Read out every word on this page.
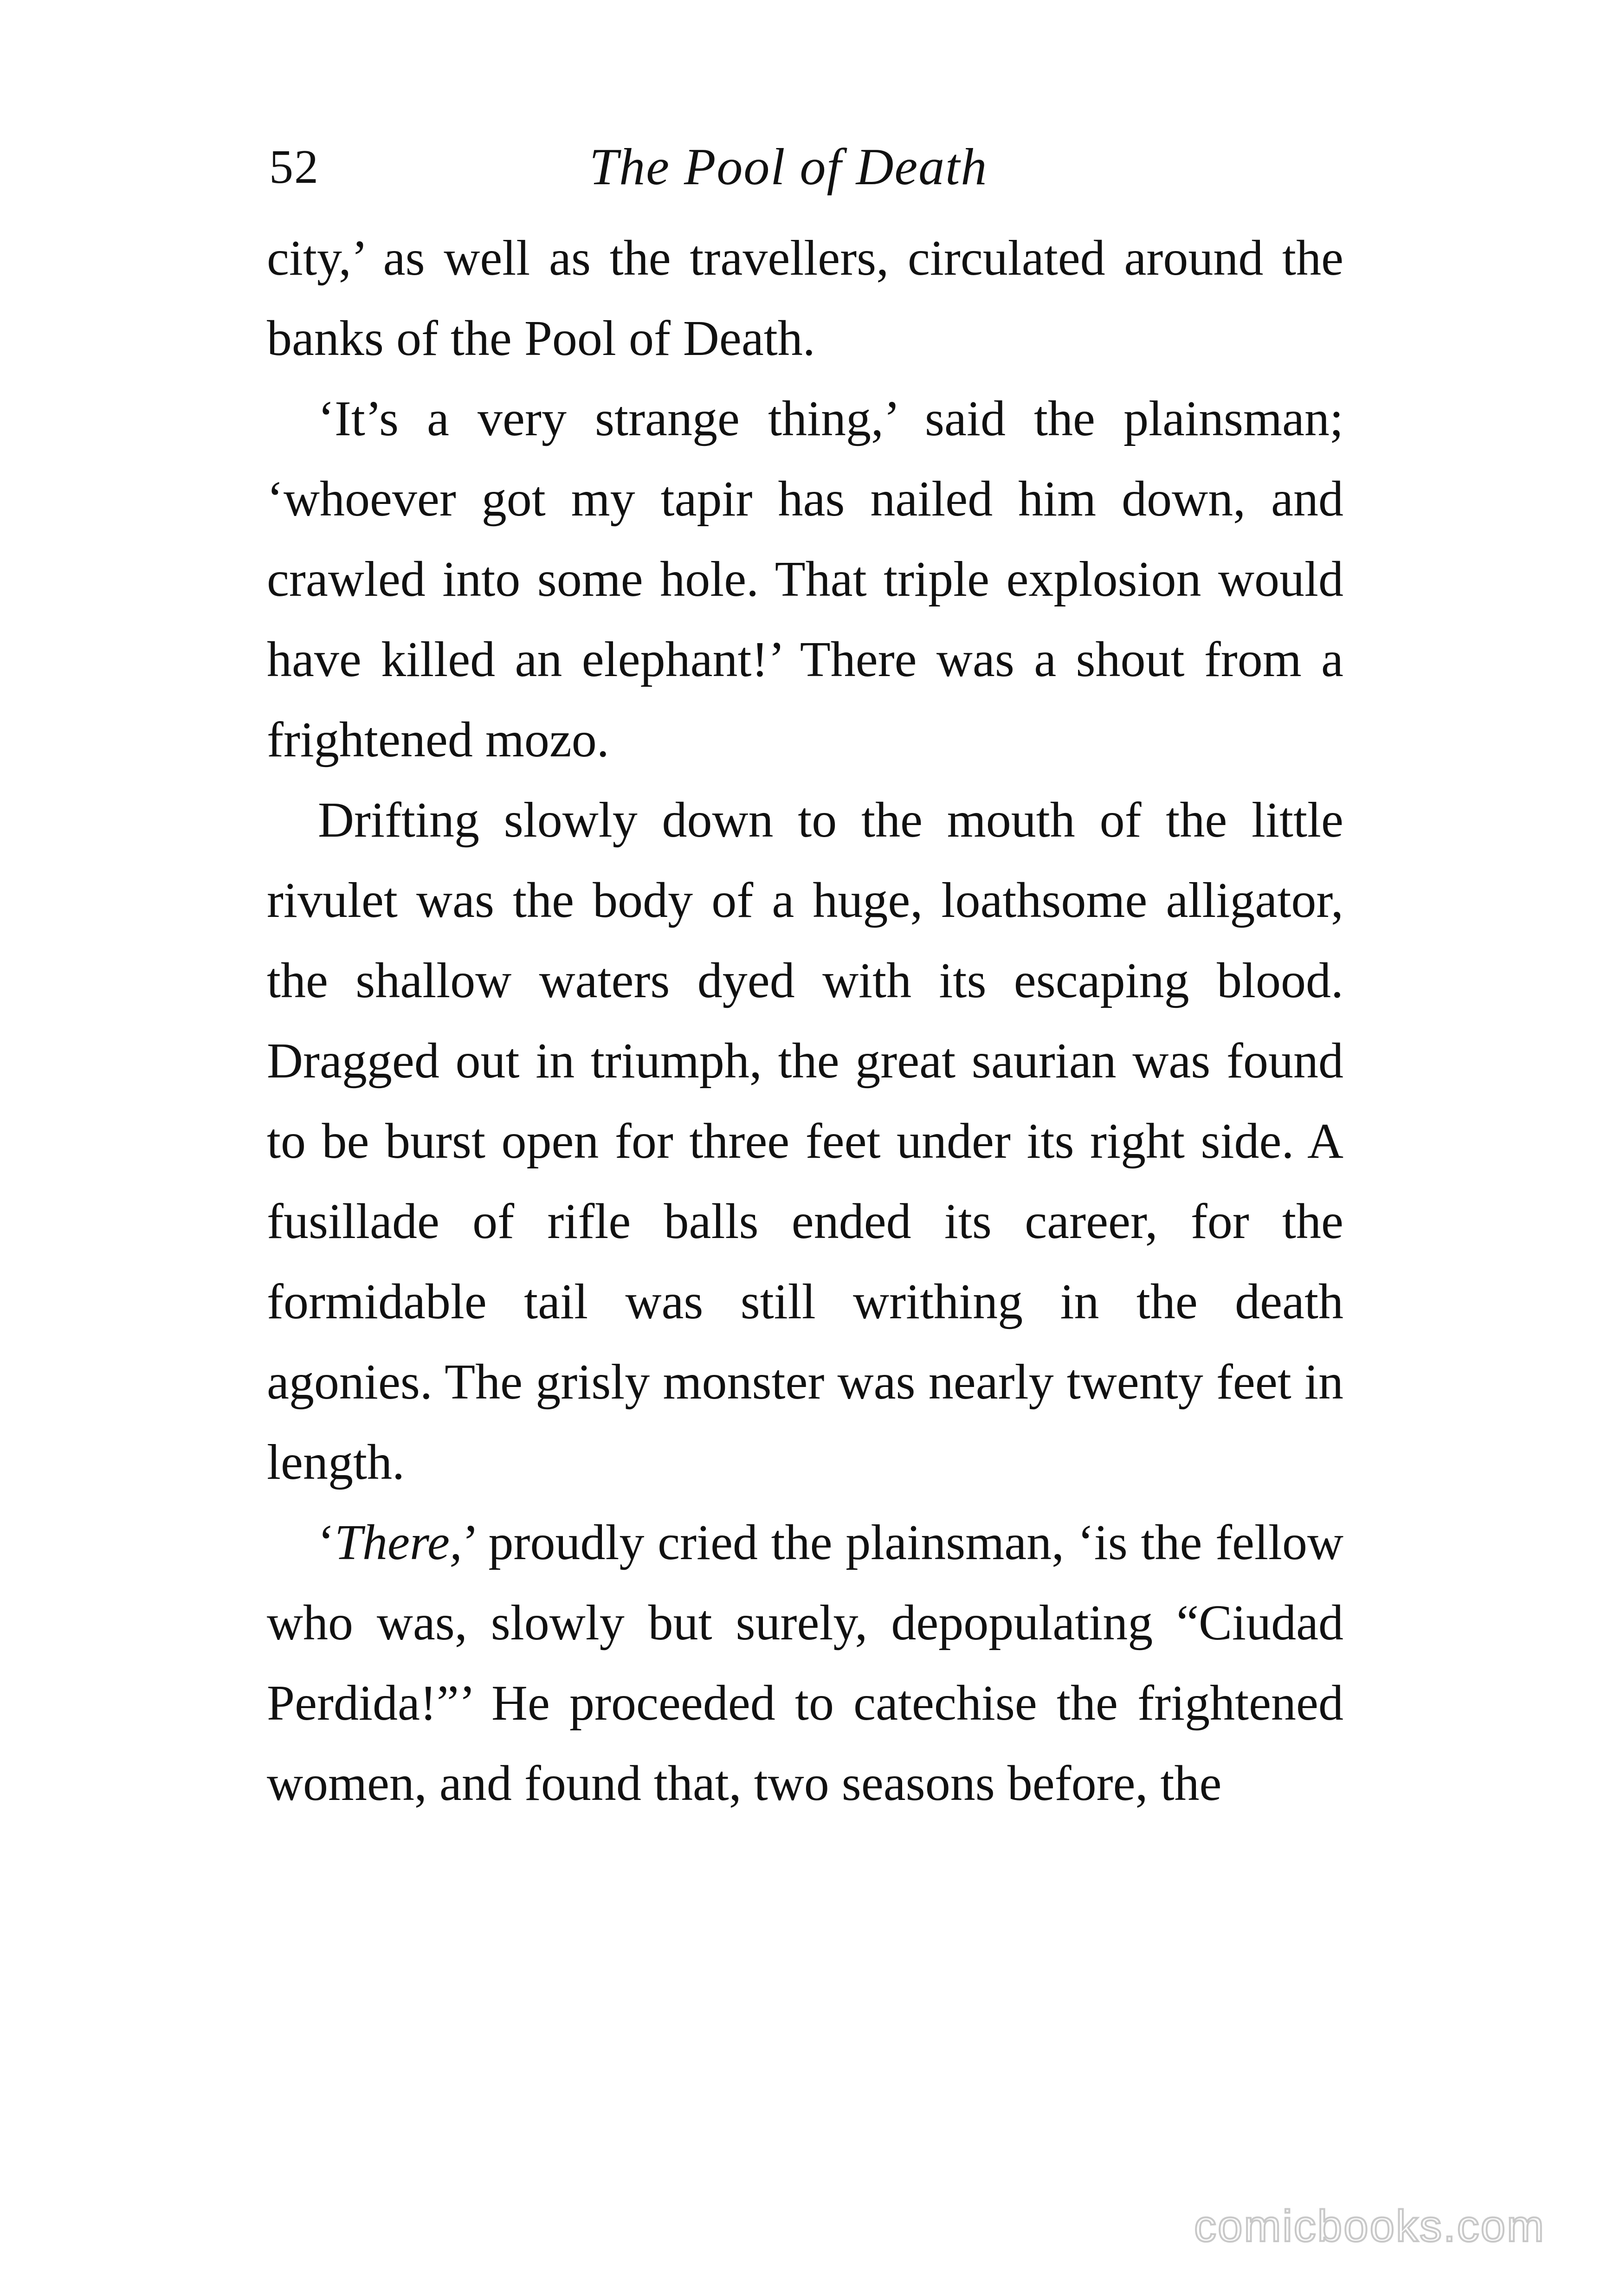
52	The Pool of Death

city,’ as well as the travellers, circulated around the banks of the Pool of Death.

‘It’s a very strange thing,’ said the plainsman; ‘whoever got my tapir has nailed him down, and crawled into some hole. That triple explosion would have killed an elephant!’ There was a shout from a frightened mozo.

Drifting slowly down to the mouth of the little rivulet was the body of a huge, loathsome alligator, the shallow waters dyed with its escaping blood. Dragged out in triumph, the great saurian was found to be burst open for three feet under its right side. A fusillade of rifle balls ended its career, for the formidable tail was still writhing in the death agonies. The grisly monster was nearly twenty feet in length.

‘There,’ proudly cried the plainsman, ‘is the fellow who was, slowly but surely, depopulating “Ciudad Perdida!”’ He proceeded to catechise the frightened women, and found that, two seasons before, the

comicbooks.com
